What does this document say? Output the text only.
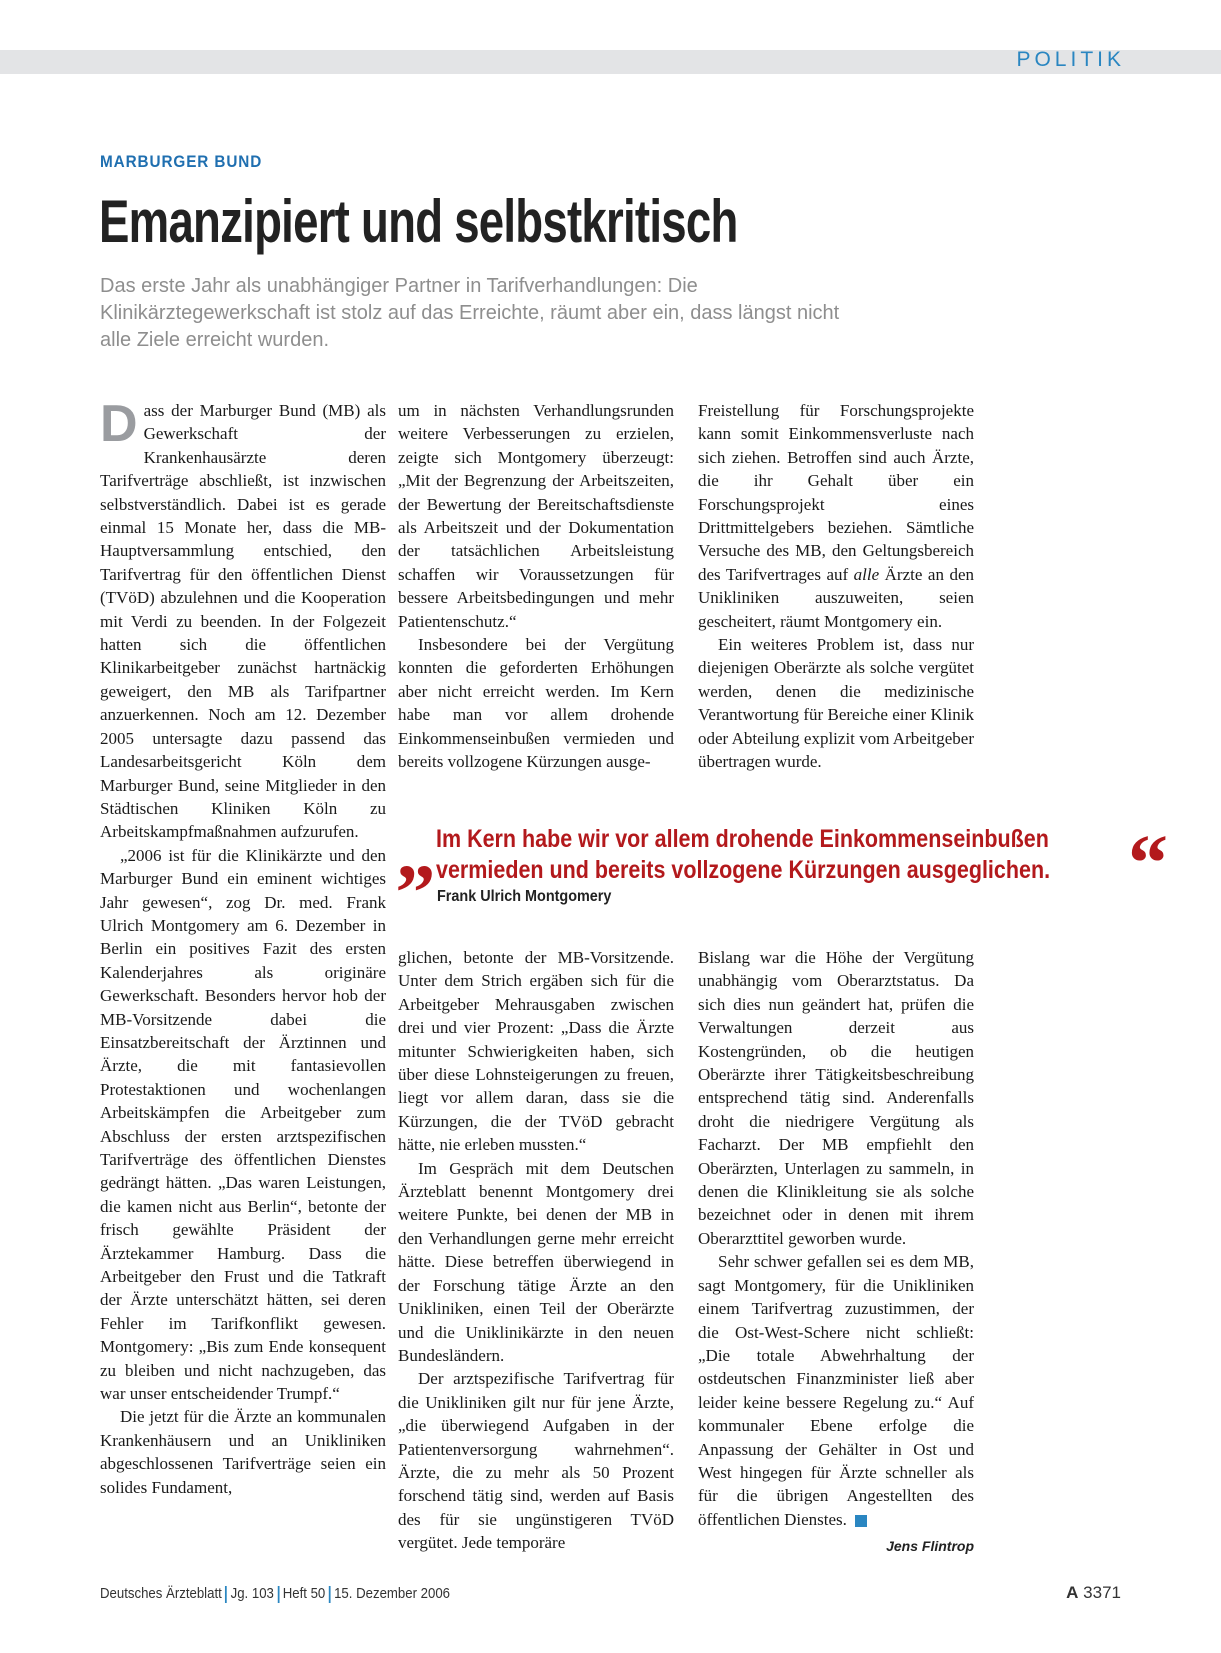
POLITIK
MARBURGER BUND
Emanzipiert und selbstkritisch
Das erste Jahr als unabhängiger Partner in Tarifverhandlungen: Die Klinikärztegewerkschaft ist stolz auf das Erreichte, räumt aber ein, dass längst nicht alle Ziele erreicht wurden.

Dass der Marburger Bund (MB) als Gewerkschaft der Krankenhausärzte deren Tarifverträge abschließt, ist inzwischen selbstverständlich. Dabei ist es gerade einmal 15 Monate her, dass die MB-Hauptversammlung entschied, den Tarifvertrag für den öffentlichen Dienst (TVöD) abzulehnen und die Kooperation mit Verdi zu beenden. In der Folgezeit hatten sich die öffentlichen Klinikarbeitgeber zunächst hartnäckig geweigert, den MB als Tarifpartner anzuerkennen. Noch am 12. Dezember 2005 untersagte dazu passend das Landesarbeitsgericht Köln dem Marburger Bund, seine Mitglieder in den Städtischen Kliniken Köln zu Arbeitskampfmaßnahmen aufzurufen.

„2006 ist für die Klinikärzte und den Marburger Bund ein eminent wichtiges Jahr gewesen“, zog Dr. med. Frank Ulrich Montgomery am 6. Dezember in Berlin ein positives Fazit des ersten Kalenderjahres als originäre Gewerkschaft. Besonders hervor hob der MB-Vorsitzende dabei die Einsatzbereitschaft der Ärztinnen und Ärzte, die mit fantasievollen Protestaktionen und wochenlangen Arbeitskämpfen die Arbeitgeber zum Abschluss der ersten arztspezifischen Tarifverträge des öffentlichen Dienstes gedrängt hätten. „Das waren Leistungen, die kamen nicht aus Berlin“, betonte der frisch gewählte Präsident der Ärztekammer Hamburg. Dass die Arbeitgeber den Frust und die Tatkraft der Ärzte unterschätzt hätten, sei deren Fehler im Tarifkonflikt gewesen. Montgomery: „Bis zum Ende konsequent zu bleiben und nicht nachzugeben, das war unser entscheidender Trumpf.“

Die jetzt für die Ärzte an kommunalen Krankenhäusern und an Unikliniken abgeschlossenen Tarifverträge seien ein solides Fundament,

um in nächsten Verhandlungsrunden weitere Verbesserungen zu erzielen, zeigte sich Montgomery überzeugt: „Mit der Begrenzung der Arbeitszeiten, der Bewertung der Bereitschaftsdienste als Arbeitszeit und der Dokumentation der tatsächlichen Arbeitsleistung schaffen wir Voraussetzungen für bessere Arbeitsbedingungen und mehr Patientenschutz.“

Insbesondere bei der Vergütung konnten die geforderten Erhöhungen aber nicht erreicht werden. Im Kern habe man vor allem drohende Einkommenseinbußen vermieden und bereits vollzogene Kürzungen ausge-

Freistellung für Forschungsprojekte kann somit Einkommensverluste nach sich ziehen. Betroffen sind auch Ärzte, die ihr Gehalt über ein Forschungsprojekt eines Drittmittelgebers beziehen. Sämtliche Versuche des MB, den Geltungsbereich des Tarifvertrages auf alle Ärzte an den Unikliniken auszuweiten, seien gescheitert, räumt Montgomery ein.

Ein weiteres Problem ist, dass nur diejenigen Oberärzte als solche vergütet werden, denen die medizinische Verantwortung für Bereiche einer Klinik oder Abteilung explizit vom Arbeitgeber übertragen wurde.

„ Im Kern habe wir vor allem drohende Einkommenseinbußen
vermieden und bereits vollzogene Kürzungen ausgeglichen. “
Frank Ulrich Montgomery

glichen, betonte der MB-Vorsitzende. Unter dem Strich ergäben sich für die Arbeitgeber Mehrausgaben zwischen drei und vier Prozent: „Dass die Ärzte mitunter Schwierigkeiten haben, sich über diese Lohnsteigerungen zu freuen, liegt vor allem daran, dass sie die Kürzungen, die der TVöD gebracht hätte, nie erleben mussten.“

Im Gespräch mit dem Deutschen Ärzteblatt benennt Montgomery drei weitere Punkte, bei denen der MB in den Verhandlungen gerne mehr erreicht hätte. Diese betreffen überwiegend in der Forschung tätige Ärzte an den Unikliniken, einen Teil der Oberärzte und die Uniklinikärzte in den neuen Bundesländern.

Der arztspezifische Tarifvertrag für die Unikliniken gilt nur für jene Ärzte, „die überwiegend Aufgaben in der Patientenversorgung wahrnehmen“. Ärzte, die zu mehr als 50 Prozent forschend tätig sind, werden auf Basis des für sie ungünstigeren TVöD vergütet. Jede temporäre

Bislang war die Höhe der Vergütung unabhängig vom Oberarztstatus. Da sich dies nun geändert hat, prüfen die Verwaltungen derzeit aus Kostengründen, ob die heutigen Oberärzte ihrer Tätigkeitsbeschreibung entsprechend tätig sind. Anderenfalls droht die niedrigere Vergütung als Facharzt. Der MB empfiehlt den Oberärzten, Unterlagen zu sammeln, in denen die Klinikleitung sie als solche bezeichnet oder in denen mit ihrem Oberarzttitel geworben wurde.

Sehr schwer gefallen sei es dem MB, sagt Montgomery, für die Unikliniken einem Tarifvertrag zuzustimmen, der die Ost-West-Schere nicht schließt: „Die totale Abwehrhaltung der ostdeutschen Finanzminister ließ aber leider keine bessere Regelung zu.“ Auf kommunaler Ebene erfolge die Anpassung der Gehälter in Ost und West hingegen für Ärzte schneller als für die übrigen Angestellten des öffentlichen Dienstes.

Jens Flintrop
Deutsches Ärzteblatt Jg. 103 Heft 50 15. Dezember 2006	A 3371
